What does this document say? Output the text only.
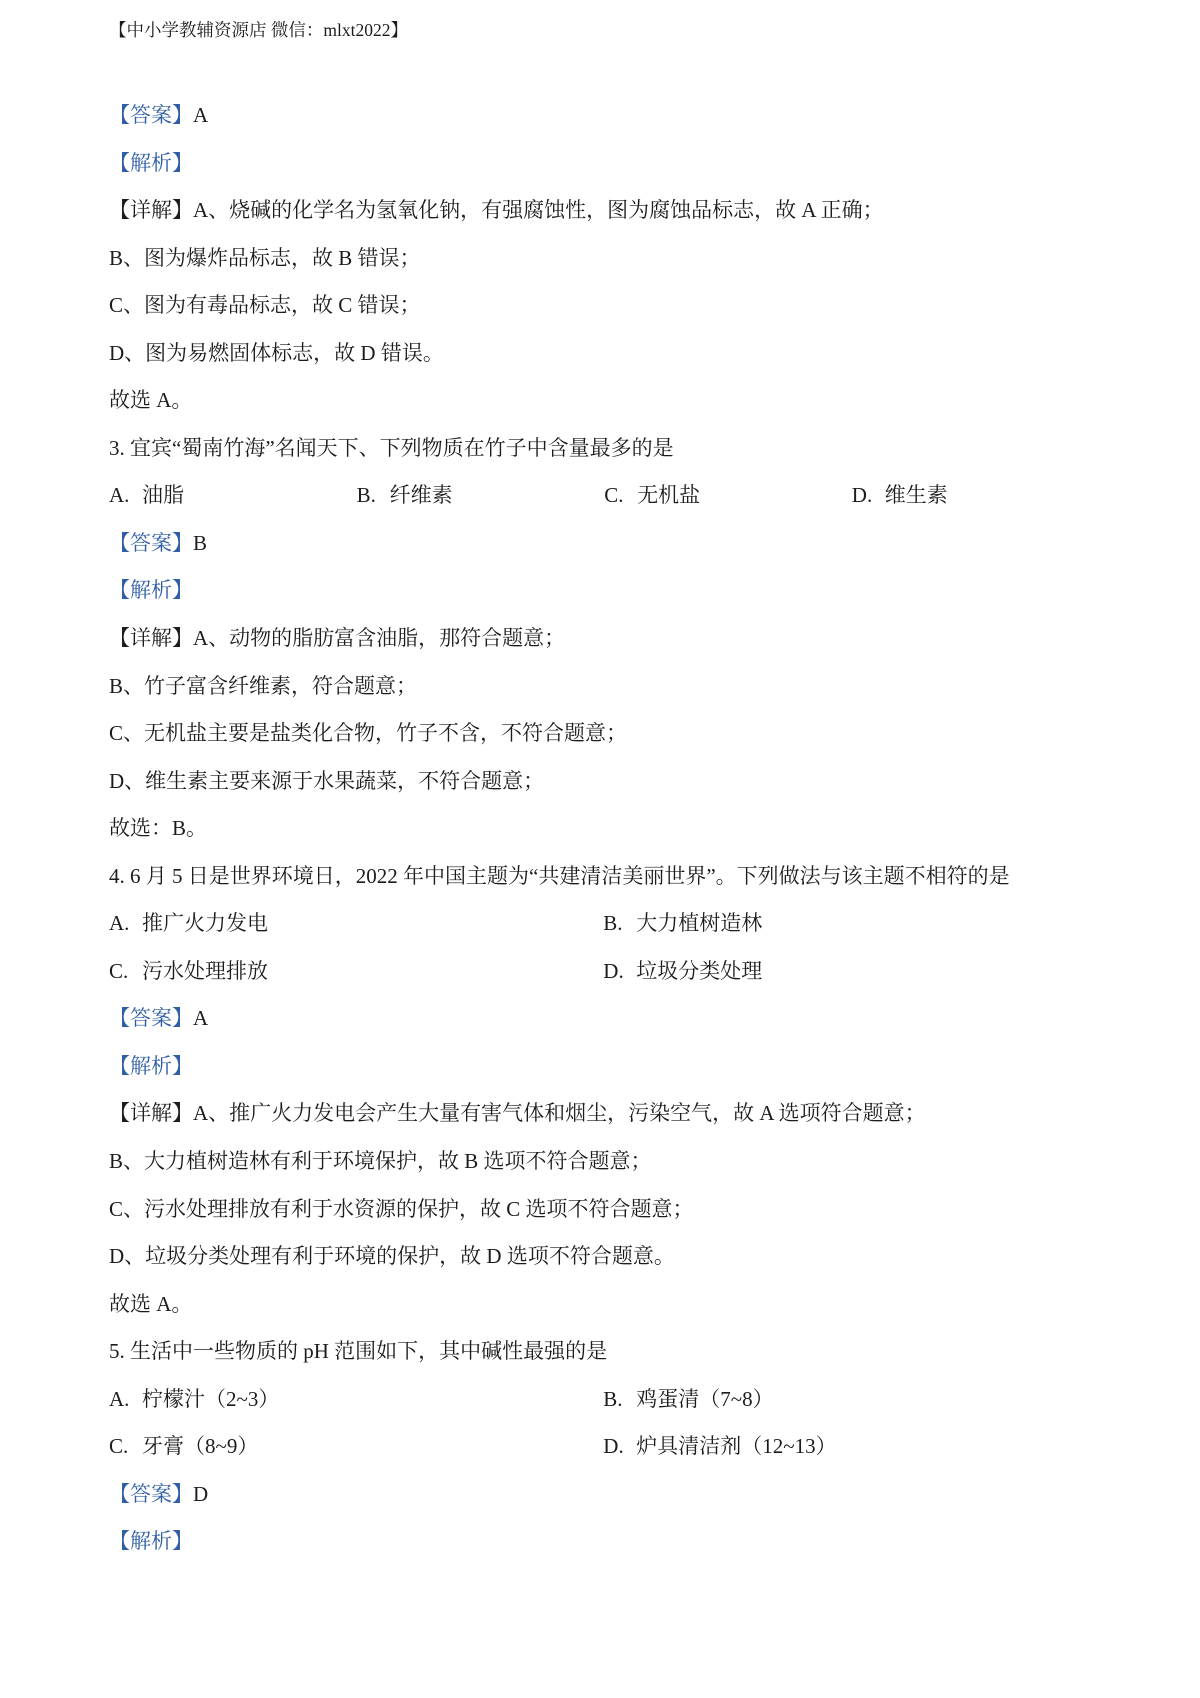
【中小学教辅资源店 微信：mlxt2022】
【答案】 A
【解析】
【详解】 A、烧碱的化学名为氢氧化钠，有强腐蚀性，图为腐蚀品标志，故 A 正确；
B、图为爆炸品标志，故 B 错误；
C、图为有毒品标志，故 C 错误；
D、图为易燃固体标志，故 D 错误。
故选 A。
3. 宜宾“蜀南竹海”名闻天下、下列物质在竹子中含量最多的是
A. 油脂	B. 纤维素	C. 无机盐	D. 维生素
【答案】 B
【解析】
【详解】 A、动物的脂肪富含油脂，那符合题意；
B、竹子富含纤维素，符合题意；
C、无机盐主要是盐类化合物，竹子不含，不符合题意；
D、维生素主要来源于水果蔬菜，不符合题意；
故选：B。
4. 6 月 5 日是世界环境日，2022 年中国主题为“共建清洁美丽世界”。下列做法与该主题不相符的是
A. 推广火力发电	B. 大力植树造林
C. 污水处理排放	D. 垃圾分类处理
【答案】 A
【解析】
【详解】 A、推广火力发电会产生大量有害气体和烟尘，污染空气，故 A 选项符合题意；
B、大力植树造林有利于环境保护，故 B 选项不符合题意；
C、污水处理排放有利于水资源的保护，故 C 选项不符合题意；
D、垃圾分类处理有利于环境的保护，故 D 选项不符合题意。
故选 A。
5. 生活中一些物质的 pH 范围如下，其中碱性最强的是
A. 柠檬汁（2~3）	B. 鸡蛋清（7~8）
C. 牙膏（8~9）	D. 炉具清洁剂（12~13）
【答案】 D
【解析】
